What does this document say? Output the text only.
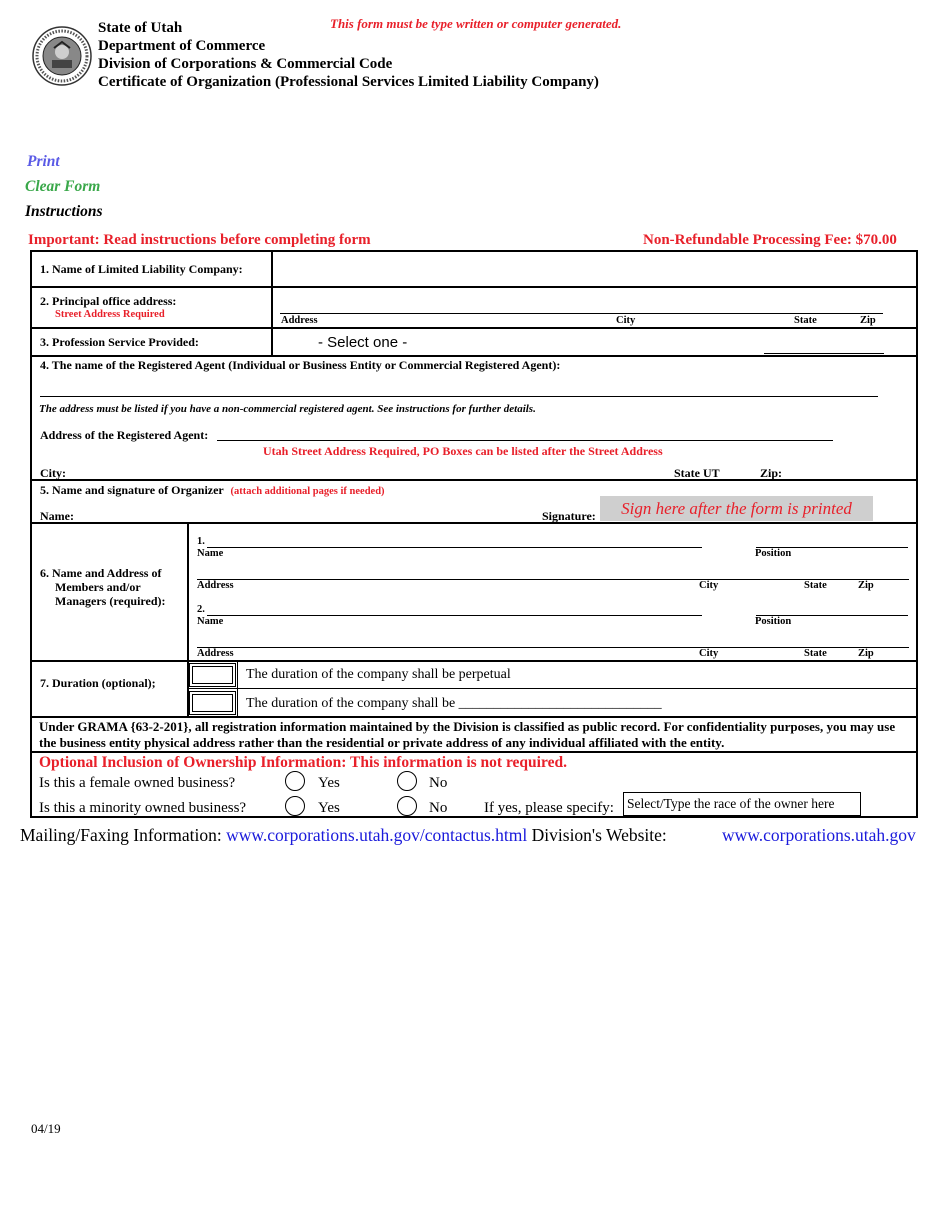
State of Utah
Department of Commerce
Division of Corporations & Commercial Code
Certificate of Organization (Professional Services Limited Liability Company)
This form must be type written or computer generated.
Print
Clear Form
Instructions
Important: Read instructions before completing form	Non-Refundable Processing Fee: $70.00
1. Name of Limited Liability Company:
2. Principal office address:
Street Address Required
Address	City	State	Zip
3. Profession Service Provided:	- Select one -
4. The name of the Registered Agent (Individual or Business Entity or Commercial Registered Agent):
The address must be listed if you have a non-commercial registered agent. See instructions for further details.
Address of the Registered Agent:
Utah Street Address Required, PO Boxes can be listed after the Street Address
City:	State UT	Zip:
5. Name and signature of Organizer (attach additional pages if needed)
Name:	Signature:	Sign here after the form is printed
6. Name and Address of
Members and/or
Managers (required):
1.
Name	Position
Address	City	State	Zip
2.
Name	Position
Address	City	State	Zip
7. Duration (optional);
The duration of the company shall be perpetual
The duration of the company shall be _____________________________
Under GRAMA {63-2-201}, all registration information maintained by the Division is classified as public record. For confidentiality purposes, you may use the business entity physical address rather than the residential or private address of any individual affiliated with the entity.
Optional Inclusion of Ownership Information: This information is not required.
Is this a female owned business?	Yes	No
Is this a minority owned business?	Yes	No If yes, please specify: Select/Type the race of the owner here
Mailing/Faxing Information: www.corporations.utah.gov/contactus.html Division's Website:	www.corporations.utah.gov
04/19
